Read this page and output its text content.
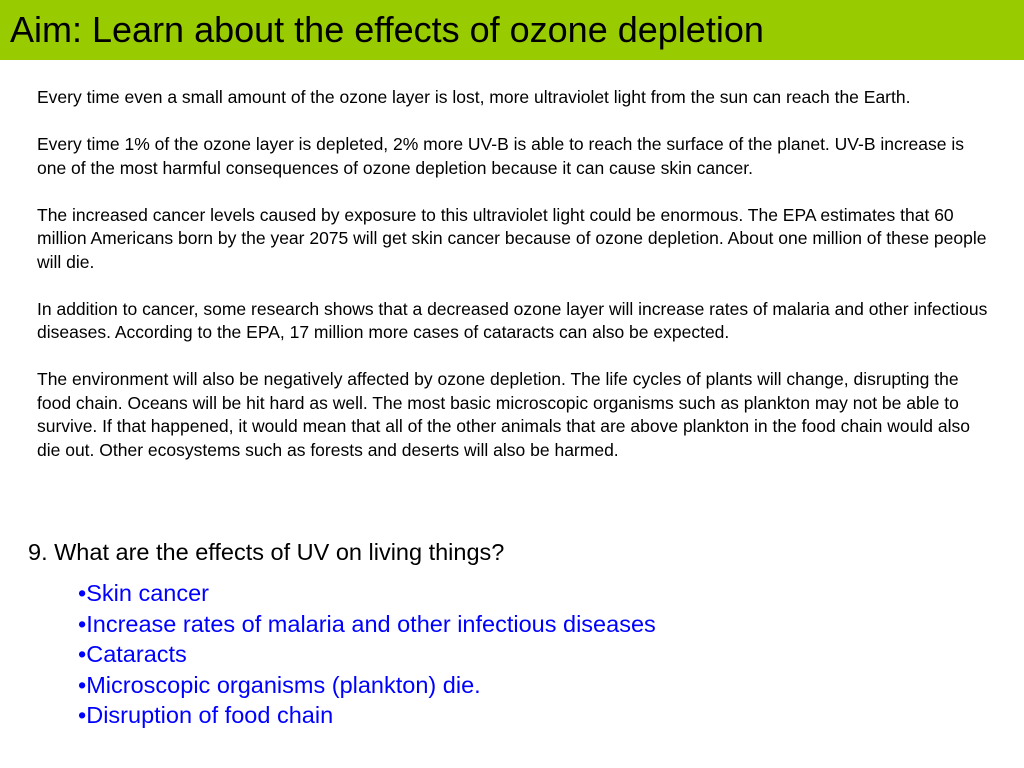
Aim: Learn about the effects of ozone depletion

Every time even a small amount of the ozone layer is lost, more ultraviolet light from the sun can reach the Earth.

Every time 1% of the ozone layer is depleted, 2% more UV-B is able to reach the surface of the planet. UV-B increase is one of the most harmful consequences of ozone depletion because it can cause skin cancer.

The increased cancer levels caused by exposure to this ultraviolet light could be enormous. The EPA estimates that 60 million Americans born by the year 2075 will get skin cancer because of ozone depletion. About one million of these people will die.

In addition to cancer, some research shows that a decreased ozone layer will increase rates of malaria and other infectious diseases. According to the EPA, 17 million more cases of cataracts can also be expected.

The environment will also be negatively affected by ozone depletion. The life cycles of plants will change, disrupting the food chain. Oceans will be hit hard as well. The most basic microscopic organisms such as plankton may not be able to survive. If that happened, it would mean that all of the other animals that are above plankton in the food chain would also die out. Other ecosystems such as forests and deserts will also be harmed.

9. What are the effects of UV on living things?
•Skin cancer
•Increase rates of malaria and other infectious diseases
•Cataracts
•Microscopic organisms (plankton) die.
•Disruption of food chain
